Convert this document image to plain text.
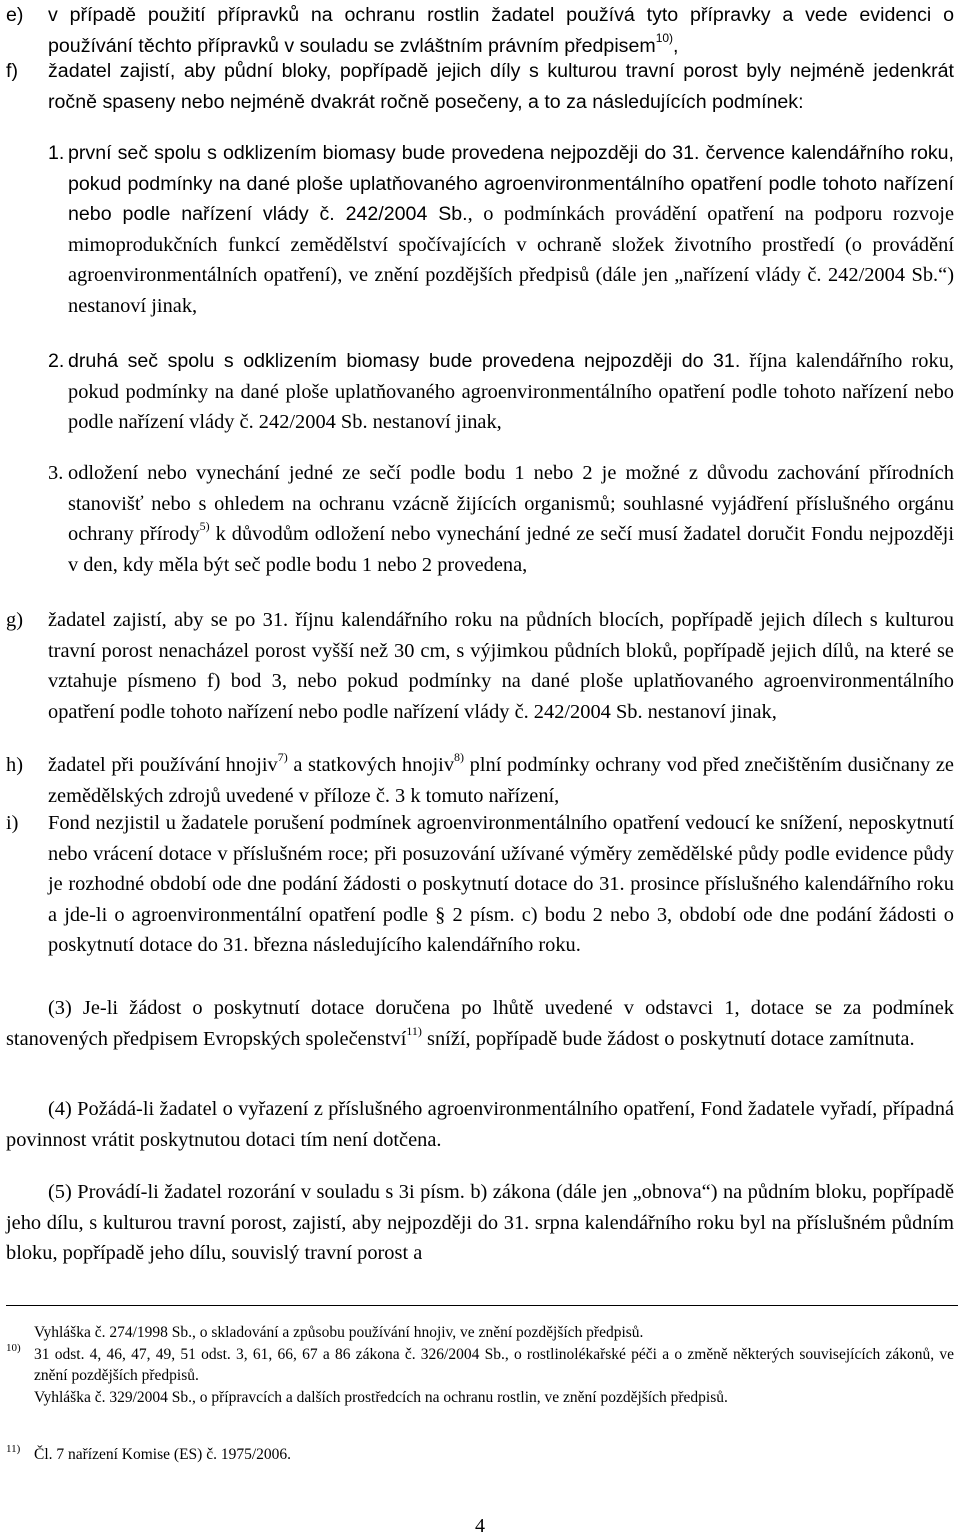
e) v případě použití přípravků na ochranu rostlin žadatel používá tyto přípravky a vede evidenci o používání těchto přípravků v souladu se zvláštním právním předpisem$^{10)}$,
f) žadatel zajistí, aby půdní bloky, popřípadě jejich díly s kulturou travní porost byly nejméně jedenkrát ročně spaseny nebo nejméně dvakrát ročně posečeny, a to za následujících podmínek:
1. první seč spolu s odklizením biomasy bude provedena nejpozději do 31. července kalendářního roku, pokud podmínky na dané ploše uplatňovaného agroenvironmentálního opatření podle tohoto nařízení nebo podle nařízení vlády č. 242/2004 Sb., o podmínkách provádění opatření na podporu rozvoje mimoprodukčních funkcí zemědělství spočívajících v ochraně složek životního prostředí (o provádění agroenvironmentálních opatření), ve znění pozdějších předpisů (dále jen „nařízení vlády č. 242/2004 Sb.“) nestanoví jinak,
2. druhá seč spolu s odklizením biomasy bude provedena nejpozději do 31. října kalendářního roku, pokud podmínky na dané ploše uplatňovaného agroenvironmentálního opatření podle tohoto nařízení nebo podle nařízení vlády č. 242/2004 Sb. nestanoví jinak,
3. odložení nebo vynechání jedné ze sečí podle bodu 1 nebo 2 je možné z důvodu zachování přírodních stanovišť nebo s ohledem na ochranu vzácně žijících organismů; souhlasné vyjádření příslušného orgánu ochrany přírody$^{5)}$ k důvodům odložení nebo vynechání jedné ze sečí musí žadatel doručit Fondu nejpozději v den, kdy měla být seč podle bodu 1 nebo 2 provedena,
g) žadatel zajistí, aby se po 31. říjnu kalendářního roku na půdních blocích, popřípadě jejich dílech s kulturou travní porost nenacházel porost vyšší než 30 cm, s výjimkou půdních bloků, popřípadě jejich dílů, na které se vztahuje písmeno f) bod 3, nebo pokud podmínky na dané ploše uplatňovaného agroenvironmentálního opatření podle tohoto nařízení nebo podle nařízení vlády č. 242/2004 Sb. nestanoví jinak,
h) žadatel při používání hnojiv$^{7)}$ a statkových hnojiv$^{8)}$ plní podmínky ochrany vod před znečištěním dusičnany ze zemědělských zdrojů uvedené v příloze č. 3 k tomuto nařízení,
i) Fond nezjistil u žadatele porušení podmínek agroenvironmentálního opatření vedoucí ke snížení, neposkytnutí nebo vrácení dotace v příslušném roce; při posuzování užívané výměry zemědělské půdy podle evidence půdy je rozhodné období ode dne podání žádosti o poskytnutí dotace do 31. prosince příslušného kalendářního roku a jde-li o agroenvironmentální opatření podle § 2 písm. c) bodu 2 nebo 3, období ode dne podání žádosti o poskytnutí dotace do 31. března následujícího kalendářního roku.
(3) Je-li žádost o poskytnutí dotace doručena po lhůtě uvedené v odstavci 1, dotace se za podmínek stanovených předpisem Evropských společenství$^{11)}$ sníží, popřípadě bude žádost o poskytnutí dotace zamítnuta.
(4) Požádá-li žadatel o vyřazení z příslušného agroenvironmentálního opatření, Fond žadatele vyřadí, případná povinnost vrátit poskytnutou dotaci tím není dotčena.
(5) Provádí-li žadatel rozorání v souladu s 3i písm. b) zákona (dále jen „obnova“) na půdním bloku, popřípadě jeho dílu, s kulturou travní porost, zajistí, aby nejpozději do 31. srpna kalendářního roku byl na příslušném půdním bloku, popřípadě jeho dílu, souvislý travní porost a
10)
Vyhláška č. 274/1998 Sb., o skladování a způsobu používání hnojiv, ve znění pozdějších předpisů.
31 odst. 4, 46, 47, 49, 51 odst. 3, 61, 66, 67 a 86 zákona č. 326/2004 Sb., o rostlinolékařské péči a o změně některých souvisejících zákonů, ve znění pozdějších předpisů.
Vyhláška č. 329/2004 Sb., o přípravcích a dalších prostředcích na ochranu rostlin, ve znění pozdějších předpisů.
11) Čl. 7 nařízení Komise (ES) č. 1975/2006.
4
